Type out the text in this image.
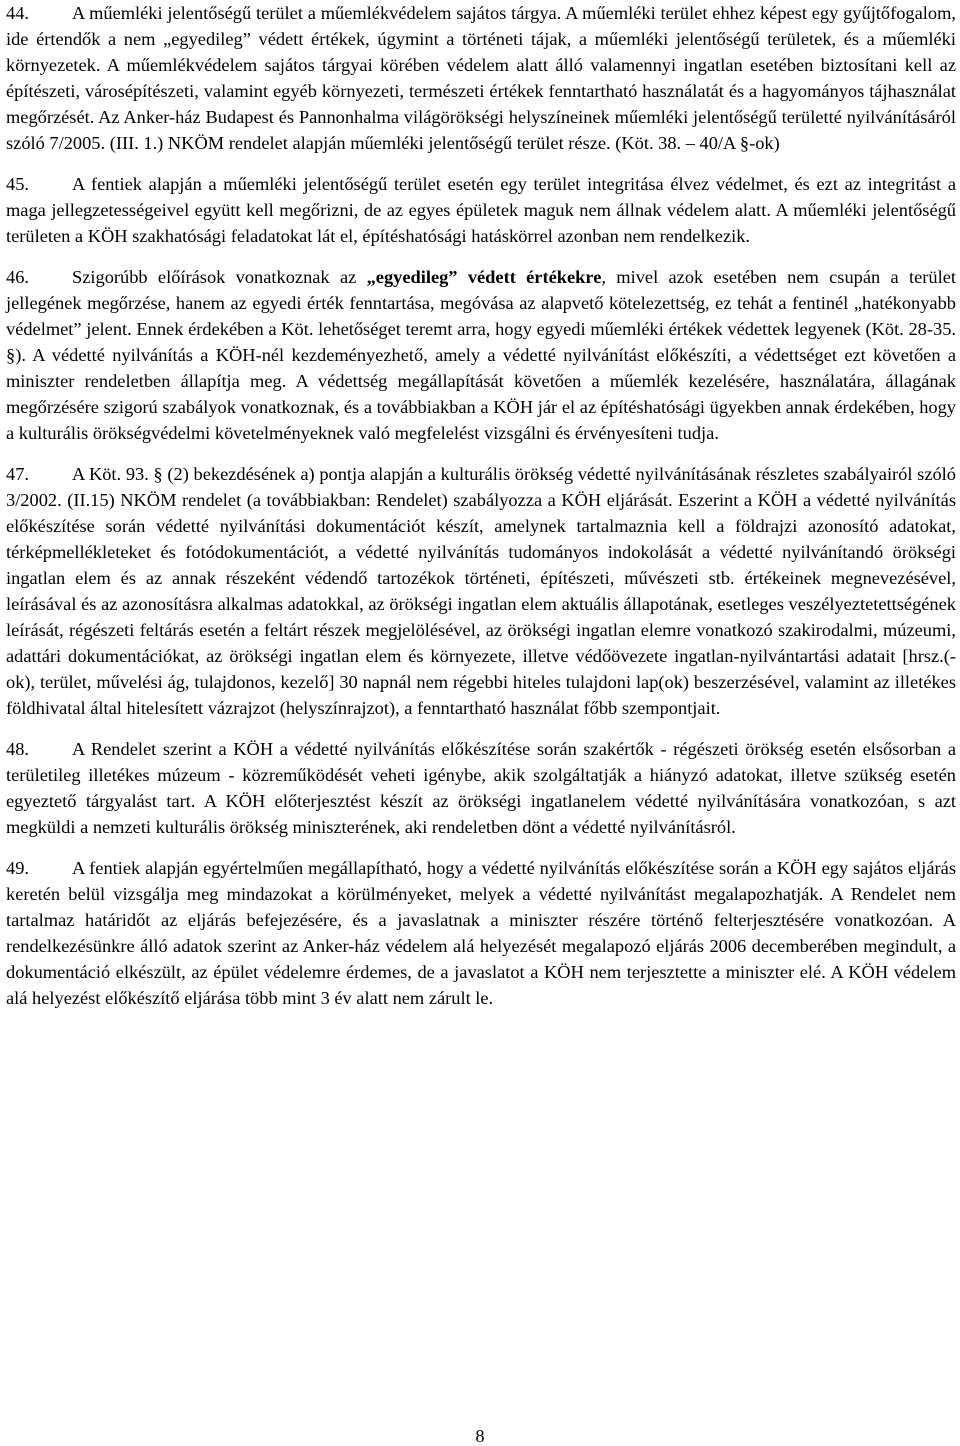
44. A műemléki jelentőségű terület a műemlékvédelem sajátos tárgya. A műemléki terület ehhez képest egy gyűjtőfogalom, ide értendők a nem „egyedileg” védett értékek, úgymint a történeti tájak, a műemléki jelentőségű területek, és a műemléki környezetek. A műemlékvédelem sajátos tárgyai körében védelem alatt álló valamennyi ingatlan esetében biztosítani kell az építészeti, városépítészeti, valamint egyéb környezeti, természeti értékek fenntartható használatát és a hagyományos tájhasználat megőrzését. Az Anker-ház Budapest és Pannonhalma világörökségi helyszíneinek műemléki jelentőségű területté nyilvánításáról szóló 7/2005. (III. 1.) NKÖM rendelet alapján műemléki jelentőségű terület része. (Köt. 38. – 40/A §-ok)

45. A fentiek alapján a műemléki jelentőségű terület esetén egy terület integritása élvez védelmet, és ezt az integritást a maga jellegzetességeivel együtt kell megőrizni, de az egyes épületek maguk nem állnak védelem alatt. A műemléki jelentőségű területen a KÖH szakhatósági feladatokat lát el, építéshatósági hatáskörrel azonban nem rendelkezik.

46. Szigorúbb előírások vonatkoznak az „egyedileg” védett értékekre, mivel azok esetében nem csupán a terület jellegének megőrzése, hanem az egyedi érték fenntartása, megóvása az alapvető kötelezettség, ez tehát a fentinél „hatékonyabb védelmet” jelent. Ennek érdekében a Köt. lehetőséget teremt arra, hogy egyedi műemléki értékek védettek legyenek (Köt. 28-35. §). A védetté nyilvánítás a KÖH-nél kezdeményezhető, amely a védetté nyilvánítást előkészíti, a védettséget ezt követően a miniszter rendeletben állapítja meg. A védettség megállapítását követően a műemlék kezelésére, használatára, állagának megőrzésére szigorú szabályok vonatkoznak, és a továbbiakban a KÖH jár el az építéshatósági ügyekben annak érdekében, hogy a kulturális örökségvédelmi követelményeknek való megfelelést vizsgálni és érvényesíteni tudja.

47. A Köt. 93. § (2) bekezdésének a) pontja alapján a kulturális örökség védetté nyilvánításának részletes szabályairól szóló 3/2002. (II.15) NKÖM rendelet (a továbbiakban: Rendelet) szabályozza a KÖH eljárását. Eszerint a KÖH a védetté nyilvánítás előkészítése során védetté nyilvánítási dokumentációt készít, amelynek tartalmaznia kell a földrajzi azonosító adatokat, térképmellékleteket és fotódokumentációt, a védetté nyilvánítás tudományos indokolását a védetté nyilvánítandó örökségi ingatlan elem és az annak részeként védendő tartozékok történeti, építészeti, művészeti stb. értékeinek megnevezésével, leírásával és az azonosításra alkalmas adatokkal, az örökségi ingatlan elem aktuális állapotának, esetleges veszélyeztetettségének leírását, régészeti feltárás esetén a feltárt részek megjelölésével, az örökségi ingatlan elemre vonatkozó szakirodalmi, múzeumi, adattári dokumentációkat, az örökségi ingatlan elem és környezete, illetve védőövezete ingatlan-nyilvántartási adatait [hrsz.(-ok), terület, művelési ág, tulajdonos, kezelő] 30 napnál nem régebbi hiteles tulajdoni lap(ok) beszerzésével, valamint az illetékes földhivatal által hitelesített vázrajzot (helyszínrajzot), a fenntartható használat főbb szempontjait.

48. A Rendelet szerint a KÖH a védetté nyilvánítás előkészítése során szakértők - régészeti örökség esetén elsősorban a területileg illetékes múzeum - közreműködését veheti igénybe, akik szolgáltatják a hiányzó adatokat, illetve szükség esetén egyeztető tárgyalást tart. A KÖH előterjesztést készít az örökségi ingatlanelem védetté nyilvánítására vonatkozóan, s azt megküldi a nemzeti kulturális örökség miniszterének, aki rendeletben dönt a védetté nyilvánításról.

49. A fentiek alapján egyértelműen megállapítható, hogy a védetté nyilvánítás előkészítése során a KÖH egy sajátos eljárás keretén belül vizsgálja meg mindazokat a körülményeket, melyek a védetté nyilvánítást megalapozhatják. A Rendelet nem tartalmaz határidőt az eljárás befejezésére, és a javaslatnak a miniszter részére történő felterjesztésére vonatkozóan. A rendelkezésünkre álló adatok szerint az Anker-ház védelem alá helyezését megalapozó eljárás 2006 decemberében megindult, a dokumentáció elkészült, az épület védelemre érdemes, de a javaslatot a KÖH nem terjesztette a miniszter elé. A KÖH védelem alá helyezést előkészítő eljárása több mint 3 év alatt nem zárult le.

8
